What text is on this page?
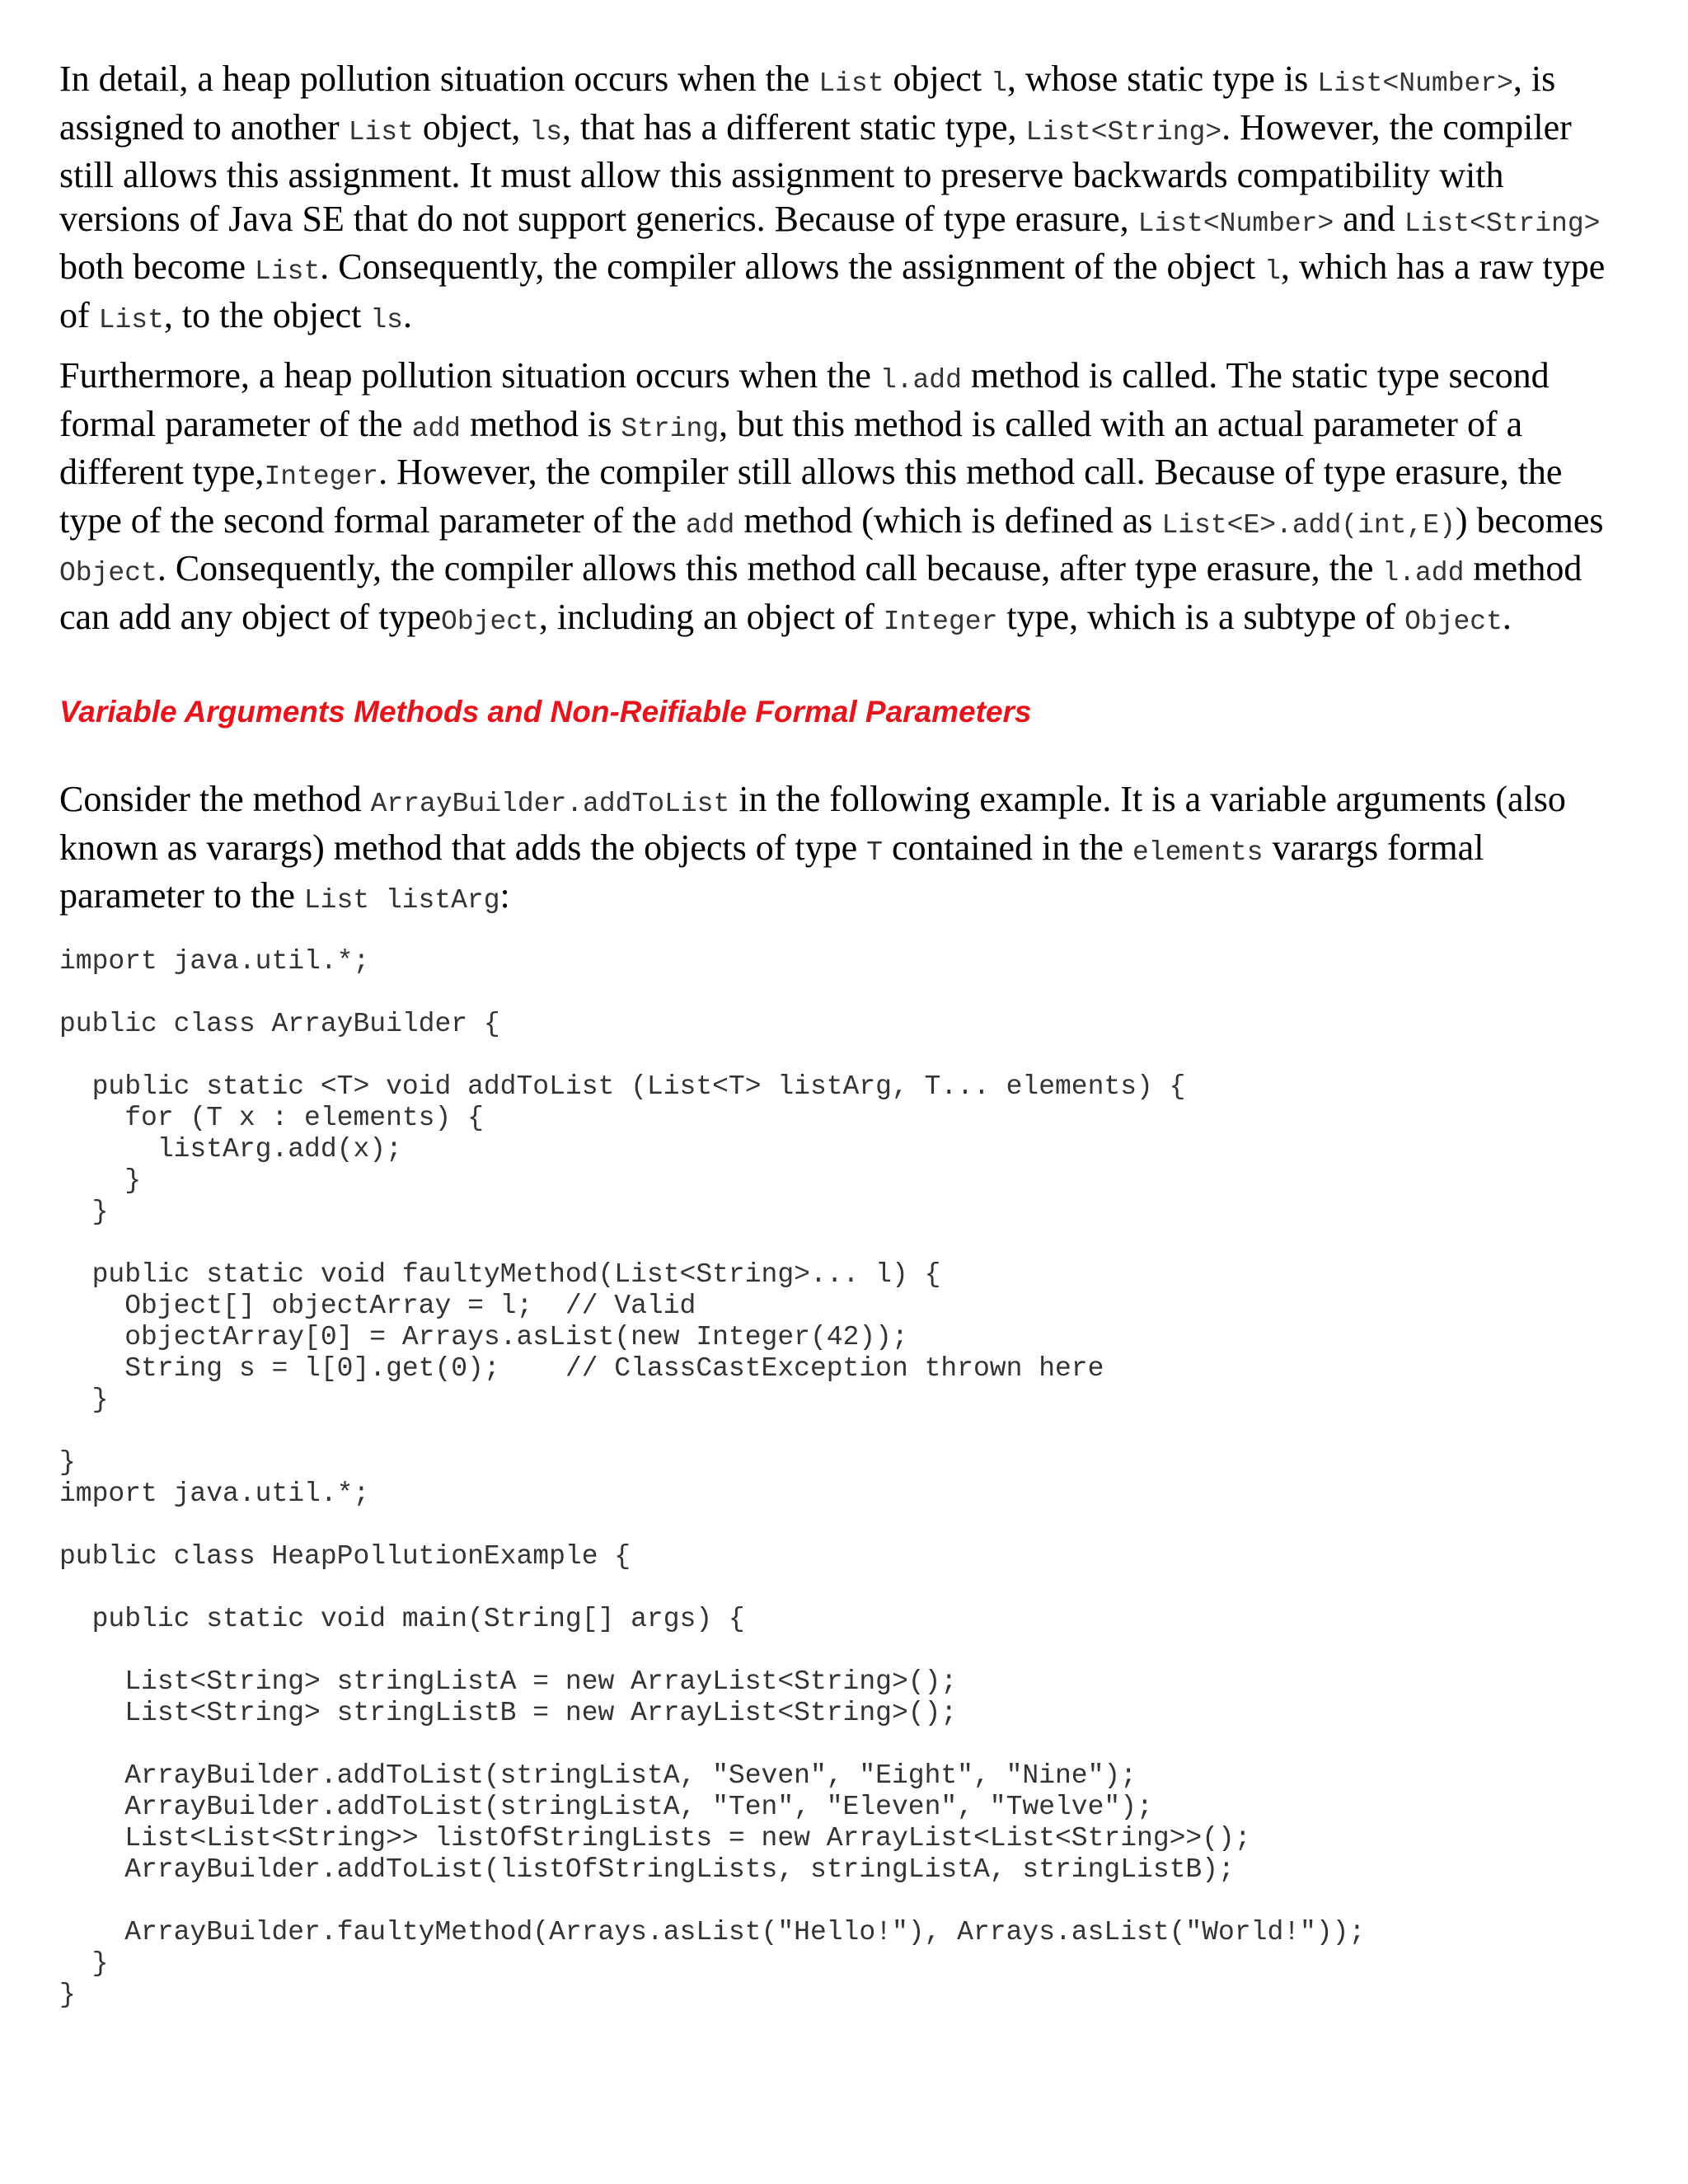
In detail, a heap pollution situation occurs when the List object l, whose static type is List<Number>, is assigned to another List object, ls, that has a different static type, List<String>. However, the compiler still allows this assignment. It must allow this assignment to preserve backwards compatibility with versions of Java SE that do not support generics. Because of type erasure, List<Number> and List<String> both become List. Consequently, the compiler allows the assignment of the object l, which has a raw type of List, to the object ls.

Furthermore, a heap pollution situation occurs when the l.add method is called. The static type second formal parameter of the add method is String, but this method is called with an actual parameter of a different type,Integer. However, the compiler still allows this method call. Because of type erasure, the type of the second formal parameter of the add method (which is defined as List<E>.add(int,E)) becomes Object. Consequently, the compiler allows this method call because, after type erasure, the l.add method can add any object of typeObject, including an object of Integer type, which is a subtype of Object.

Variable Arguments Methods and Non-Reifiable Formal Parameters

Consider the method ArrayBuilder.addToList in the following example. It is a variable arguments (also known as varargs) method that adds the objects of type T contained in the elements varargs formal parameter to the List listArg:

import java.util.*;

public class ArrayBuilder {

public static <T> void addToList (List<T> listArg, T... elements) {
for (T x : elements) {
listArg.add(x);
}
}

public static void faultyMethod(List<String>... l) {
Object[] objectArray = l;  // Valid
objectArray[0] = Arrays.asList(new Integer(42));
String s = l[0].get(0);    // ClassCastException thrown here
}

}
import java.util.*;

public class HeapPollutionExample {

public static void main(String[] args) {

List<String> stringListA = new ArrayList<String>();
List<String> stringListB = new ArrayList<String>();

ArrayBuilder.addToList(stringListA, "Seven", "Eight", "Nine");
ArrayBuilder.addToList(stringListA, "Ten", "Eleven", "Twelve");
List<List<String>> listOfStringLists = new ArrayList<List<String>>();
ArrayBuilder.addToList(listOfStringLists, stringListA, stringListB);

ArrayBuilder.faultyMethod(Arrays.asList("Hello!"), Arrays.asList("World!"));
}
}
